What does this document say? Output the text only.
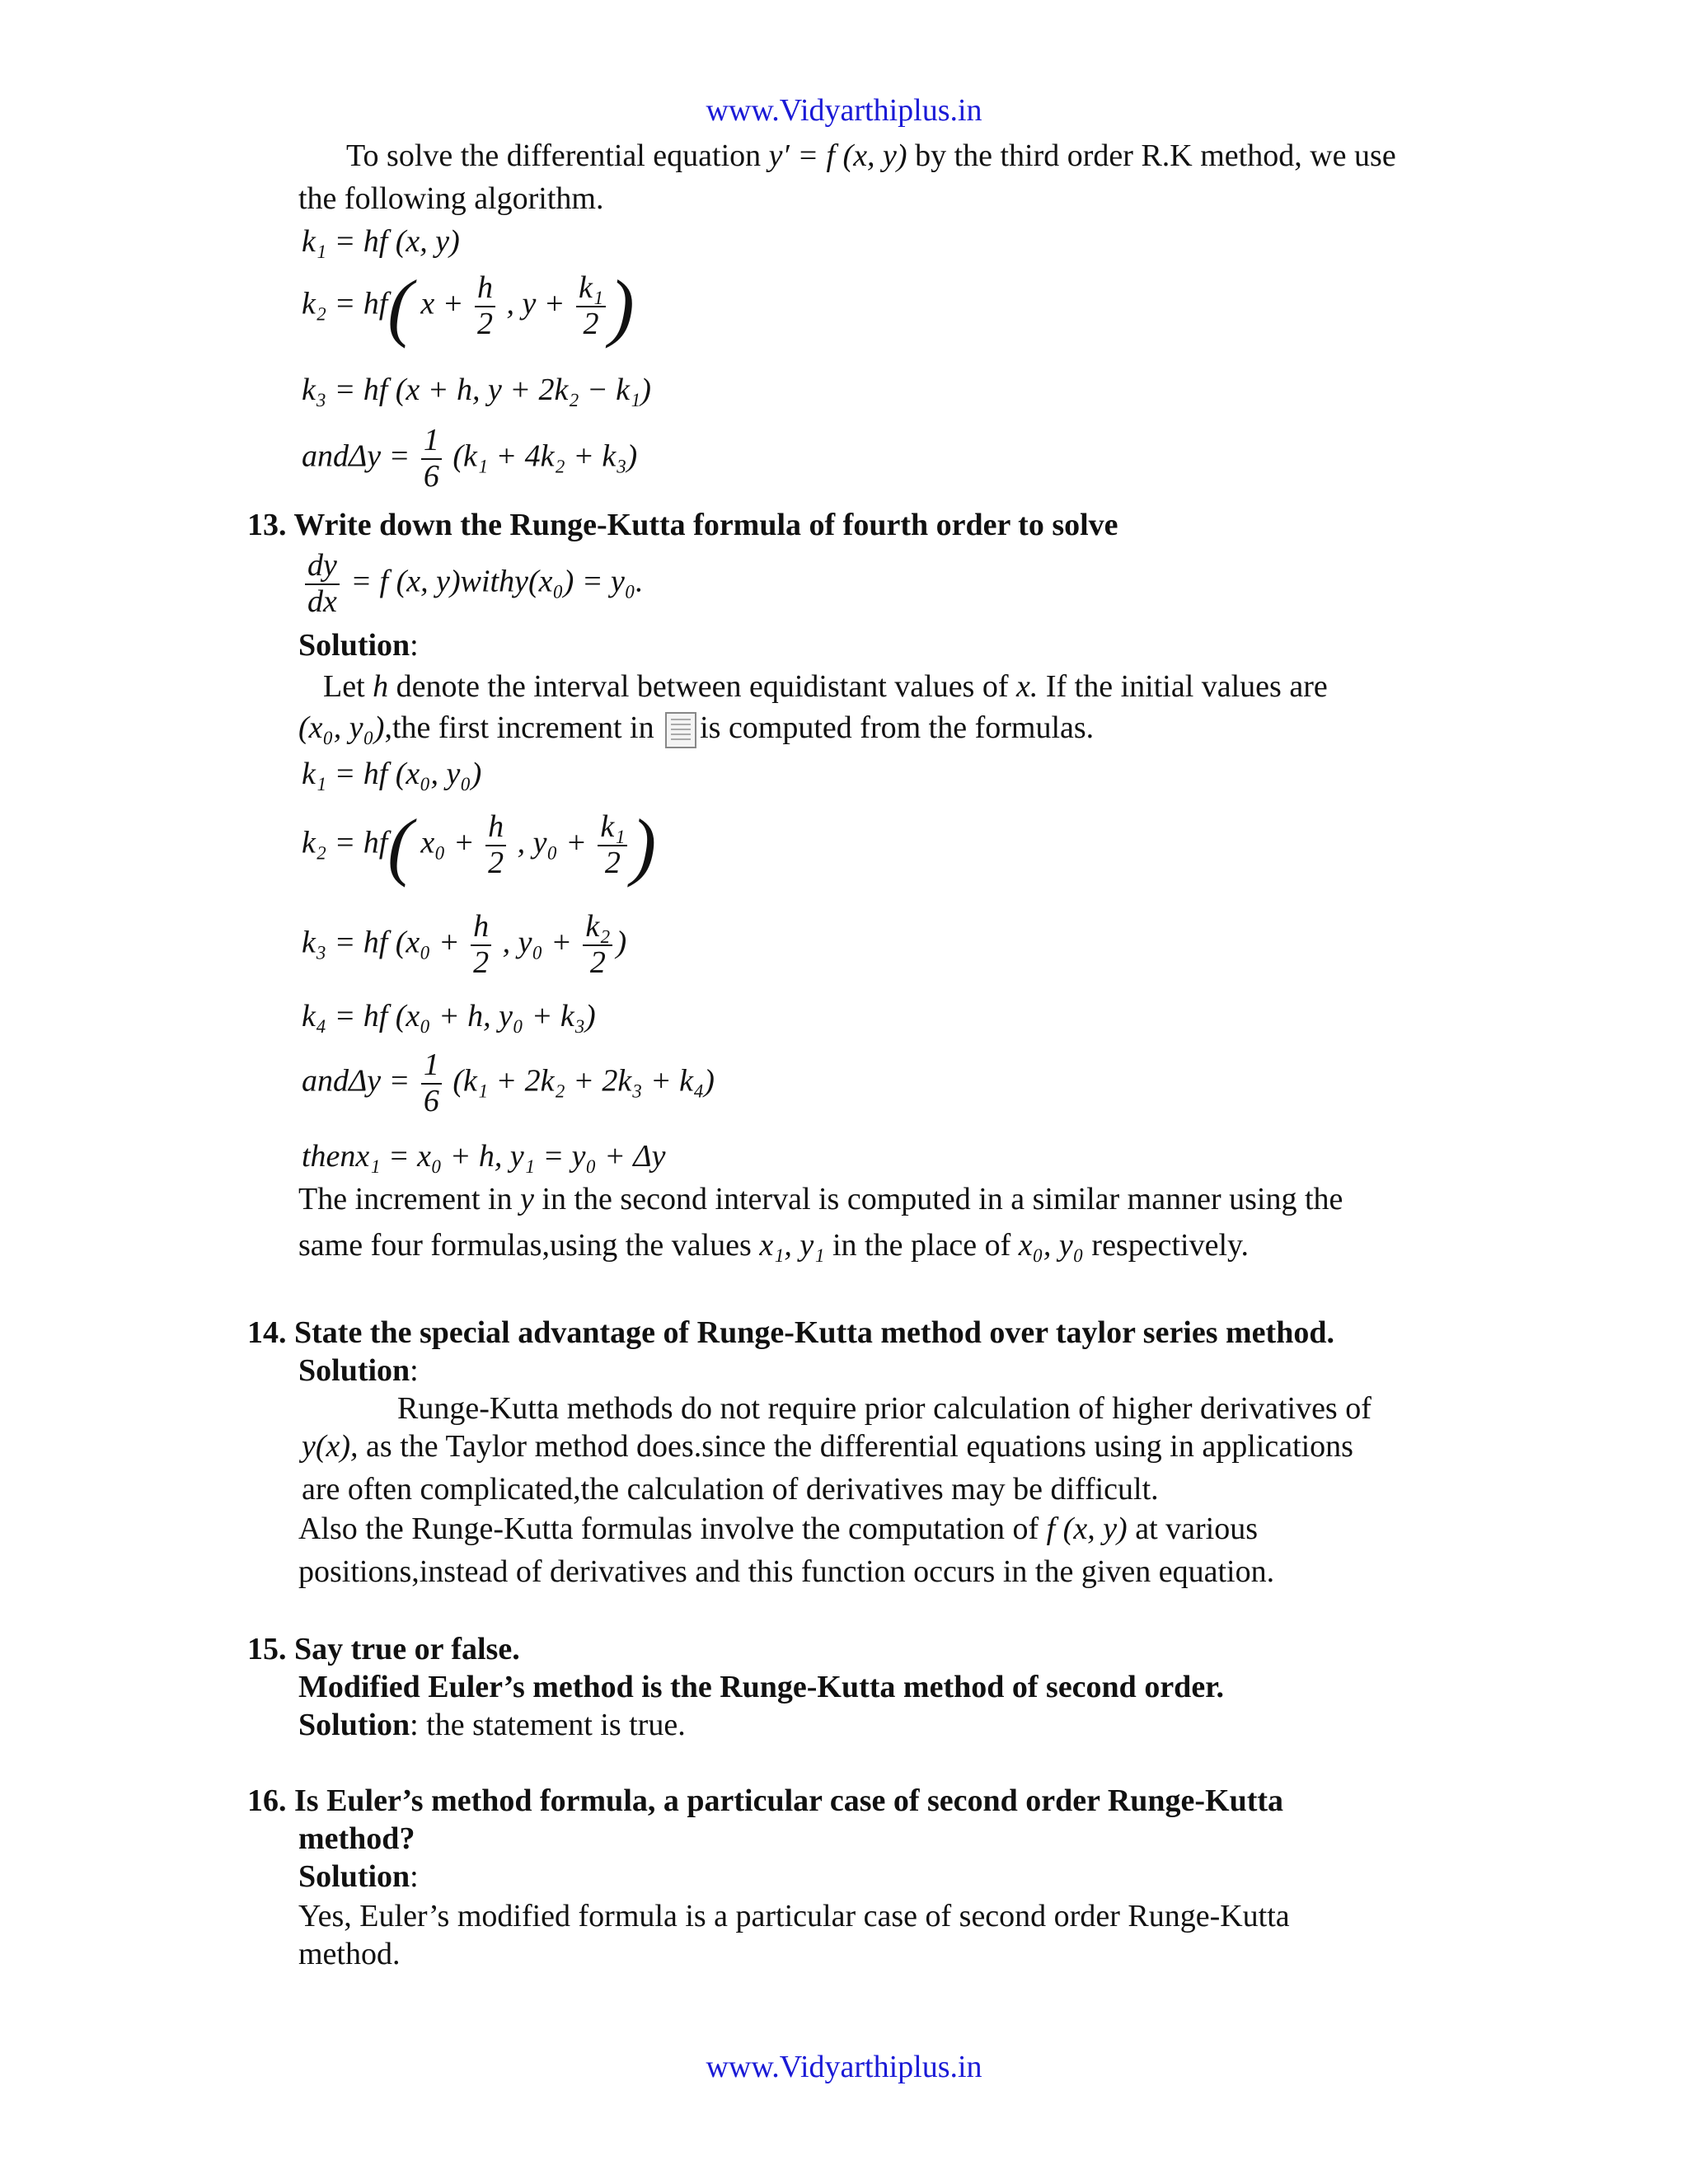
www.Vidyarthiplus.in
To solve the differential equation y′ = f (x, y) by the third order R.K method, we use
the following algorithm.
k₁ = hf (x, y)
k₂ = hf( $x + \frac{h}{2}$ , $y + \frac{\text{k₁}}{2}$ )
k₃ = hf (x + h, y + 2k₂ − k₁)
$and\Delta y = \frac{1}{6} (k_1 + 4k_2 + k_3)$
13. Write down the Runge-Kutta formula of fourth order to solve
$\frac{dy}{dx} = f$ (x, y)withy(x₀) = y₀.
Solution:
Let h denote the interval between equidistant values of x. If the initial values are
(x₀, y₀),the first increment in is computed from the formulas.
k₁ = hf (x₀, y₀)
k₂ = hf( $x_0 + \frac{h}{2}$ , $y_0 + \frac{\text{k₁}}{2}$ )
k₃ = hf ($x_0 + \frac{h}{2}$ , $y_0 + \frac{\text{k₂}}{2}$ )
k₄ = hf (x₀ + h, y₀ + k₃)
$and\Delta y = \frac{1}{6} (k_1 + 2k_2 + 2k_3 + k_4)$
thenx₁ = x₀ + h, y₁ = y₀ + Δy
The increment in y in the second interval is computed in a similar manner using the
same four formulas,using the values x₁, y₁ in the place of x₀, y₀ respectively.
14. State the special advantage of Runge-Kutta method over taylor series method.
Solution:
Runge-Kutta methods do not require prior calculation of higher derivatives of
y(x), as the Taylor method does.since the differential equations using in applications
are often complicated,the calculation of derivatives may be difficult.
Also the Runge-Kutta formulas involve the computation of f (x, y) at various
positions,instead of derivatives and this function occurs in the given equation.
15. Say true or false.
Modified Euler’s method is the Runge-Kutta method of second order.
Solution: the statement is true.
16. Is Euler’s method formula, a particular case of second order Runge-Kutta
method?
Solution:
Yes, Euler’s modified formula is a particular case of second order Runge-Kutta
method.
www.Vidyarthiplus.in
